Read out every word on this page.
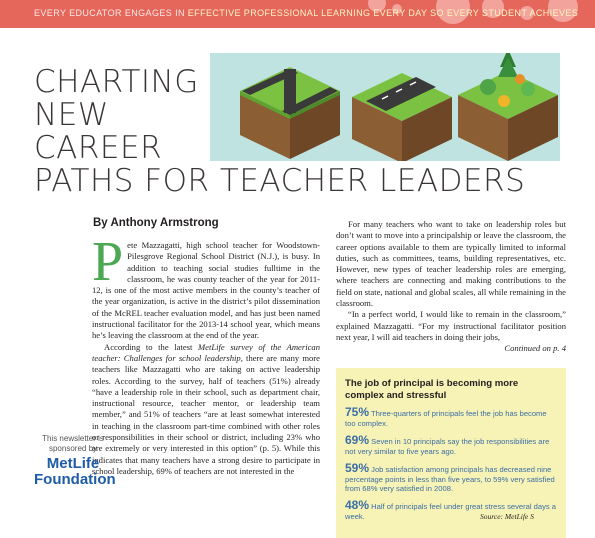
EVERY EDUCATOR ENGAGES IN EFFECTIVE PROFESSIONAL LEARNING EVERY DAY SO EVERY STUDENT ACHIEVES
CHARTING
NEW
CAREER
PATHS FOR TEACHER LEADERS
By Anthony Armstrong
P ete Mazzagatti, high school teacher for Woodstown-Pilesgrove Regional School District (N.J.), is busy. In addition to teaching social studies fulltime in the classroom, he was county teacher of the year for 2011-12, is one of the most active members in the county’s teacher of the year organization, is active in the district’s pilot dissemination of the McREL teacher evaluation model, and has just been named instructional facilitator for the 2013-14 school year, which means he’s leaving the classroom at the end of the year.

According to the latest MetLife survey of the American teacher: Challenges for school leadership, there are many more teachers like Mazzagatti who are taking on active leadership roles. According to the survey, half of teachers (51%) already “have a leadership role in their school, such as department chair, instructional resource, teacher mentor, or leadership team member,” and 51% of teachers “are at least somewhat interested in teaching in the classroom part-time combined with other roles or responsibilities in their school or district, including 23% who are extremely or very interested in this option” (p. 5). While this indicates that many teachers have a strong desire to participate in school leadership, 69% of teachers are not interested in the

This newsletter is sponsored by
MetLife
Foundation

For many teachers who want to take on leadership roles but don’t want to move into a principalship or leave the classroom, the career options available to them are typically limited to informal duties, such as committees, teams, building representatives, etc. However, new types of teacher leadership roles are emerging, where teachers are connecting and making contributions to the field on state, national and global scales, all while remaining in the classroom.

“In a perfect world, I would like to remain in the classroom,” explained Mazzagatti. “For my instructional facilitator position next year, I will aid teachers in doing their jobs,

Continued on p. 4

The job of principal is becoming more complex and stressful
75% Three-quarters of principals feel the job has become too complex.
69% Seven in 10 principals say the job responsibilities are not very similar to five years ago.
59% Job satisfaction among principals has decreased nine percentage points in less than five years, to 59% very satisfied from 68% very satisfied in 2008.
48% Half of principals feel under great stress several days a week.	Source: MetLife S
